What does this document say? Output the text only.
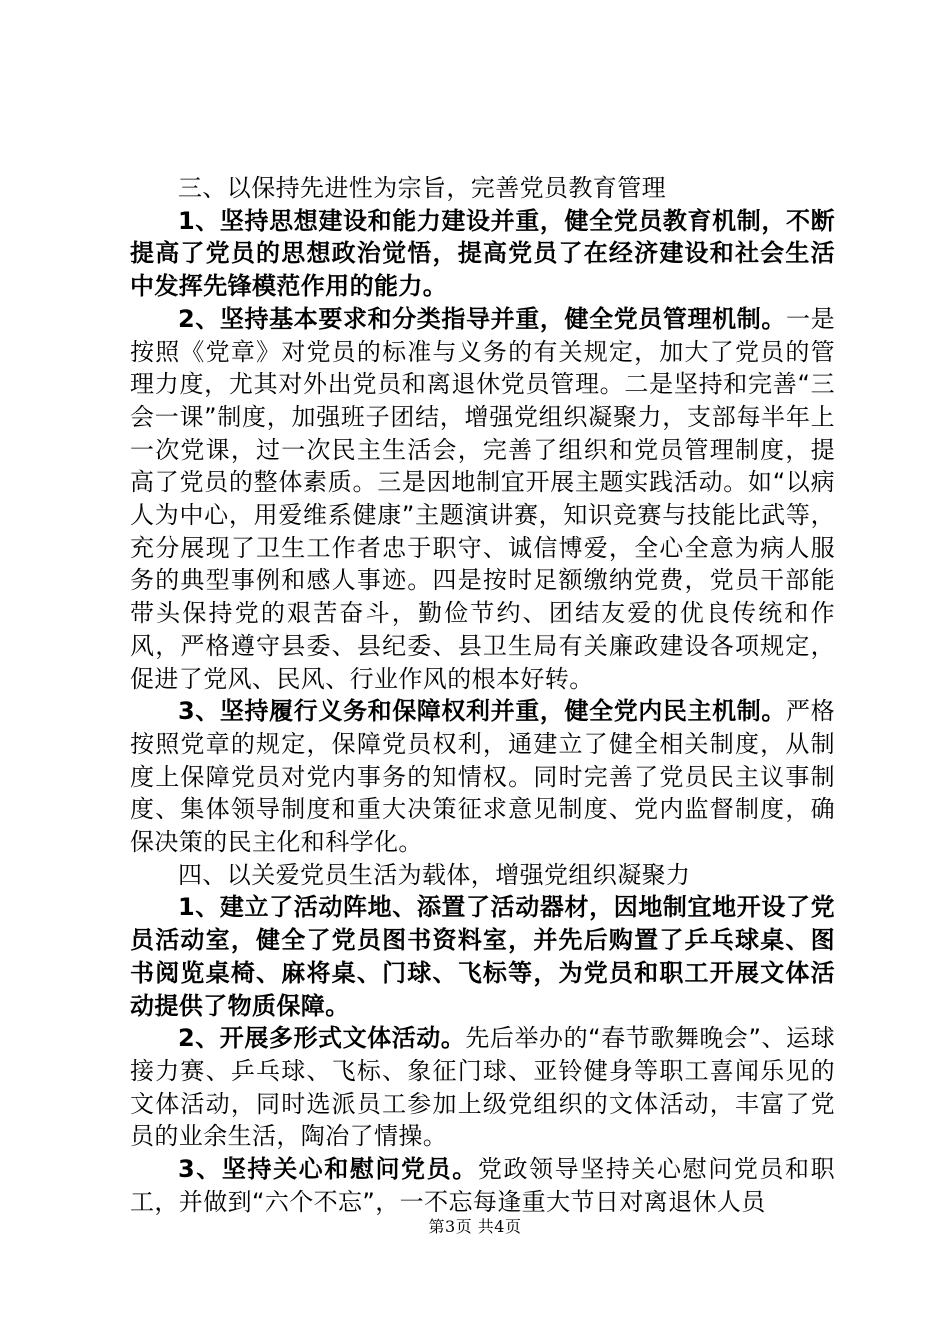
三、以保持先进性为宗旨，完善党员教育管理

1、坚持思想建设和能力建设并重，健全党员教育机制，不断提高了党员的思想政治觉悟，提高党员了在经济建设和社会生活中发挥先锋模范作用的能力。

2、坚持基本要求和分类指导并重，健全党员管理机制。一是按照《党章》对党员的标准与义务的有关规定，加大了党员的管理力度，尤其对外出党员和离退休党员管理。二是坚持和完善“三会一课”制度，加强班子团结，增强党组织凝聚力，支部每半年上一次党课，过一次民主生活会，完善了组织和党员管理制度，提高了党员的整体素质。三是因地制宜开展主题实践活动。如“以病人为中心，用爱维系健康”主题演讲赛，知识竞赛与技能比武等，充分展现了卫生工作者忠于职守、诚信博爱，全心全意为病人服务的典型事例和感人事迹。四是按时足额缴纳党费，党员干部能带头保持党的艰苦奋斗，勤俭节约、团结友爱的优良传统和作风，严格遵守县委、县纪委、县卫生局有关廉政建设各项规定，促进了党风、民风、行业作风的根本好转。

3、坚持履行义务和保障权利并重，健全党内民主机制。严格按照党章的规定，保障党员权利，通建立了健全相关制度，从制度上保障党员对党内事务的知情权。同时完善了党员民主议事制度、集体领导制度和重大决策征求意见制度、党内监督制度，确保决策的民主化和科学化。

四、以关爱党员生活为载体，增强党组织凝聚力

1、建立了活动阵地、添置了活动器材，因地制宜地开设了党员活动室，健全了党员图书资料室，并先后购置了乒乓球桌、图书阅览桌椅、麻将桌、门球、飞标等，为党员和职工开展文体活动提供了物质保障。

2、开展多形式文体活动。先后举办的“春节歌舞晚会”、运球接力赛、乒乓球、飞标、象征门球、亚铃健身等职工喜闻乐见的文体活动，同时选派员工参加上级党组织的文体活动，丰富了党员的业余生活，陶冶了情操。

3、坚持关心和慰问党员。党政领导坚持关心慰问党员和职工，并做到“六个不忘”，一不忘每逢重大节日对离退休人员

第3页 共4页
